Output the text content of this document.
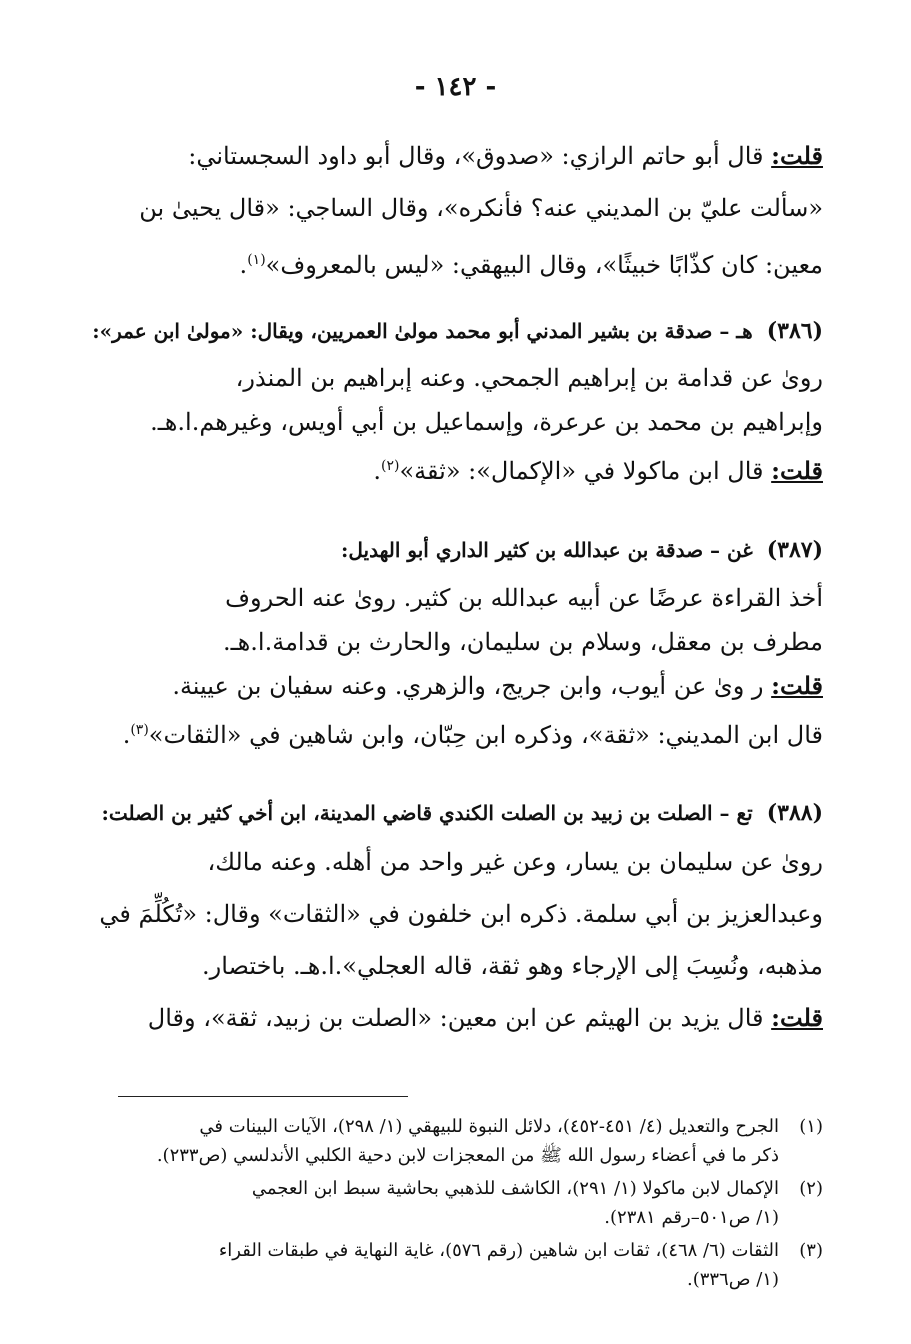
- ١٤٢ -
قلت: قال أبو حاتم الرازي: «صدوق»، وقال أبو داود السجستاني:
«سألت عليّ بن المديني عنه؟ فأنكره»، وقال الساجي: «قال يحيىٰ بن
معين: كان كذّابًا خبيثًا»، وقال البيهقي: «ليس بالمعروف»$^{(١)}$.
(٣٨٦)هـ – صدقة بن بشير المدني أبو محمد مولىٰ العمريين، ويقال: «مولىٰ ابن عمر»:
رویٰ عن قدامة بن إبراهيم الجمحي. وعنه إبراهيم بن المنذر،
وإبراهيم بن محمد بن عرعرة، وإسماعيل بن أبي أويس، وغيرهم.ا.هـ.
قلت: قال ابن ماكولا في «الإكمال»: «ثقة»$^{(٢)}$.
(٣٨٧)غن – صدقة بن عبدالله بن كثير الداري أبو الهديل:
أخذ القراءة عرضًا عن أبيه عبدالله بن كثير. رویٰ عنه الحروف
مطرف بن معقل، وسلام بن سليمان، والحارث بن قدامة.ا.هـ.
قلت: ر ویٰ عن أيوب، وابن جريج، والزهري. وعنه سفيان بن عيينة.
قال ابن المديني: «ثقة»، وذكره ابن حِبّان، وابن شاهين في «الثقات»$^{(٣)}$.
(٣٨٨)تع – الصلت بن زبيد بن الصلت الكندي قاضي المدينة، ابن أخي كثير بن الصلت:
رویٰ عن سليمان بن يسار، وعن غير واحد من أهله. وعنه مالك،
وعبدالعزيز بن أبي سلمة. ذكره ابن خلفون في «الثقات» وقال: «تُكُلِّمَ في
مذهبه، ونُسِبَ إلى الإرجاء وهو ثقة، قاله العجلي».ا.هـ. باختصار.
قلت: قال يزيد بن الهيثم عن ابن معين: «الصلت بن زبيد، ثقة»، وقال
(١)الجرح والتعديل (٤/ ٤٥١-٤٥٢)، دلائل النبوة للبيهقي (١/ ٢٩٨)، الآيات البينات في
ذكر ما في أعضاء رسول الله ﷺ من المعجزات لابن دحية الكلبي الأندلسي (ص٢٣٣).
(٢)الإكمال لابن ماكولا (١/ ٢٩١)، الكاشف للذهبي بحاشية سبط ابن العجمي
(١/ ص٥٠١–رقم ٢٣٨١).
(٣)الثقات (٦/ ٤٦٨)، ثقات ابن شاهين (رقم ٥٧٦)، غاية النهاية في طبقات القراء
(١/ ص٣٣٦).
